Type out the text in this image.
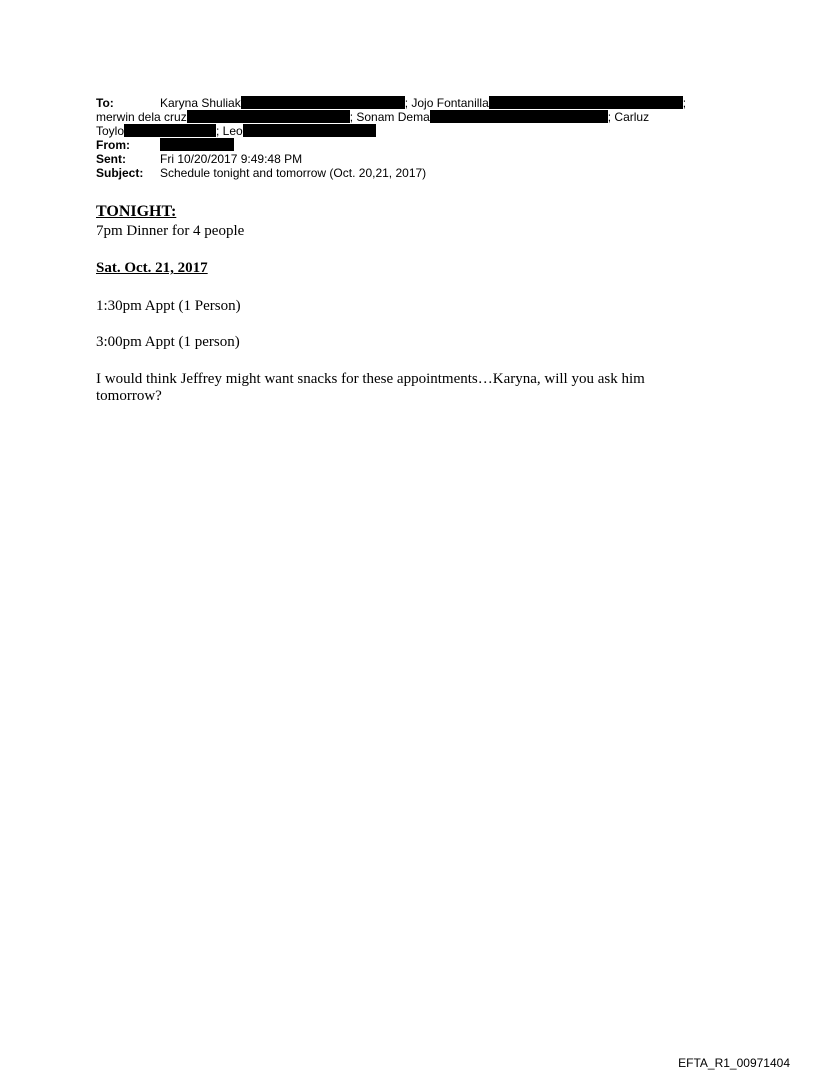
To:	Karyna Shuliak	; Jojo Fontanilla	;
merwin dela cruz	; Sonam Dema	; Carluz
Toylo	; Leo
From:
Sent:	Fri 10/20/2017 9:49:48 PM
Subject: Schedule tonight and tomorrow (Oct. 20,21, 2017)
TONIGHT:
7pm Dinner for 4 people
Sat. Oct. 21, 2017
1:30pm Appt (1 Person)
3:00pm Appt (1 person)
I would think Jeffrey might want snacks for these appointments…Karyna, will you ask him tomorrow?
EFTA_R1_00971404
